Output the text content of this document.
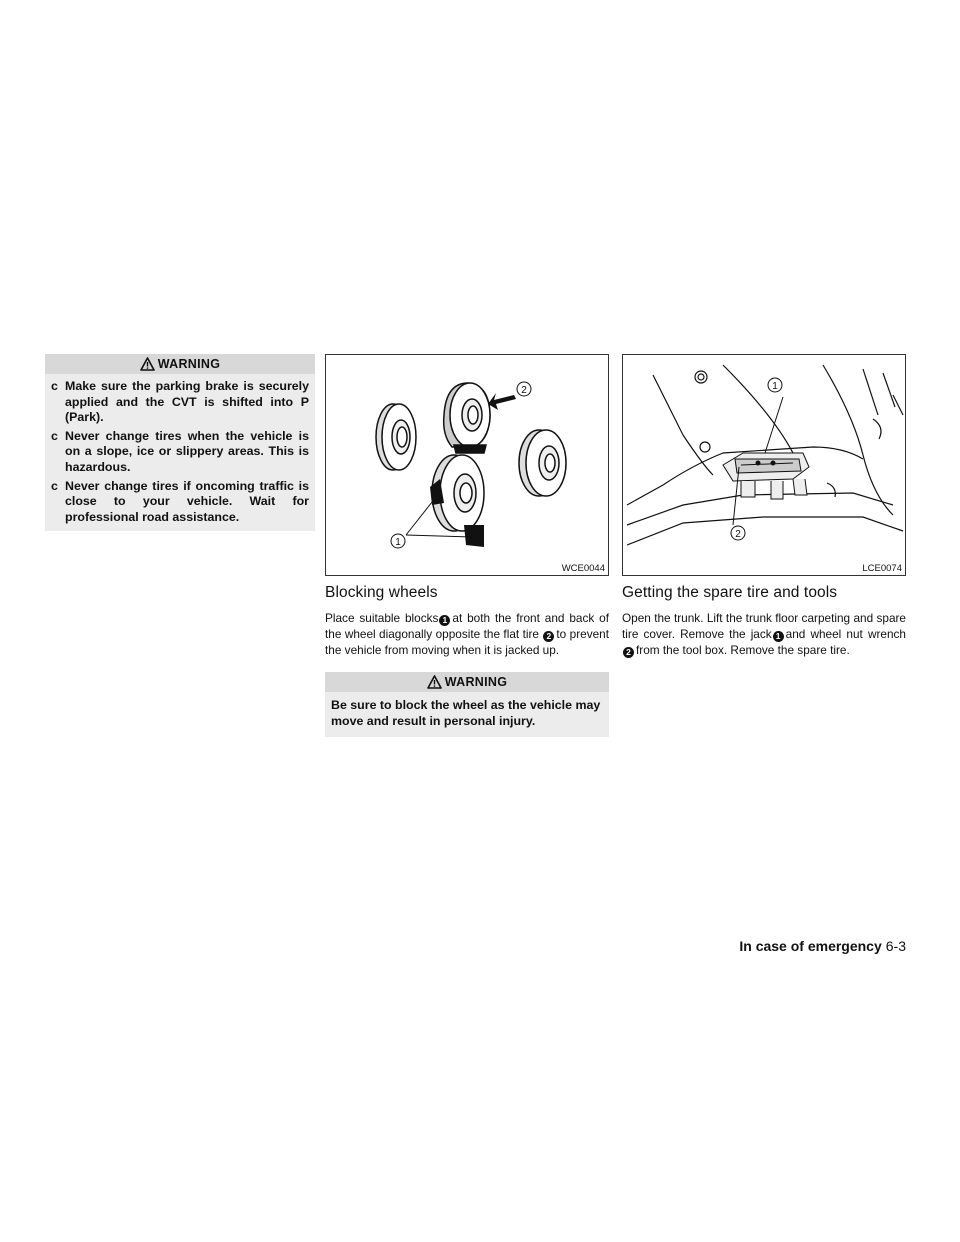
WARNING
c Make sure the parking brake is securely applied and the CVT is shifted into P (Park).
c Never change tires when the vehicle is on a slope, ice or slippery areas. This is hazardous.
c Never change tires if oncoming traffic is close to your vehicle. Wait for professional road assistance.
2
1
WCE0044
Blocking wheels

Place suitable blocks 1 at both the front and back of the wheel diagonally opposite the flat tire 2 to prevent the vehicle from moving when it is jacked up.

WARNING
Be sure to block the wheel as the vehicle may move and result in personal injury.
1
2
LCE0074
Getting the spare tire and tools

Open the trunk. Lift the trunk floor carpeting and spare tire cover. Remove the jack 1 and wheel nut wrench2 from the tool box. Remove the spare tire.

In case of emergency 6-3
